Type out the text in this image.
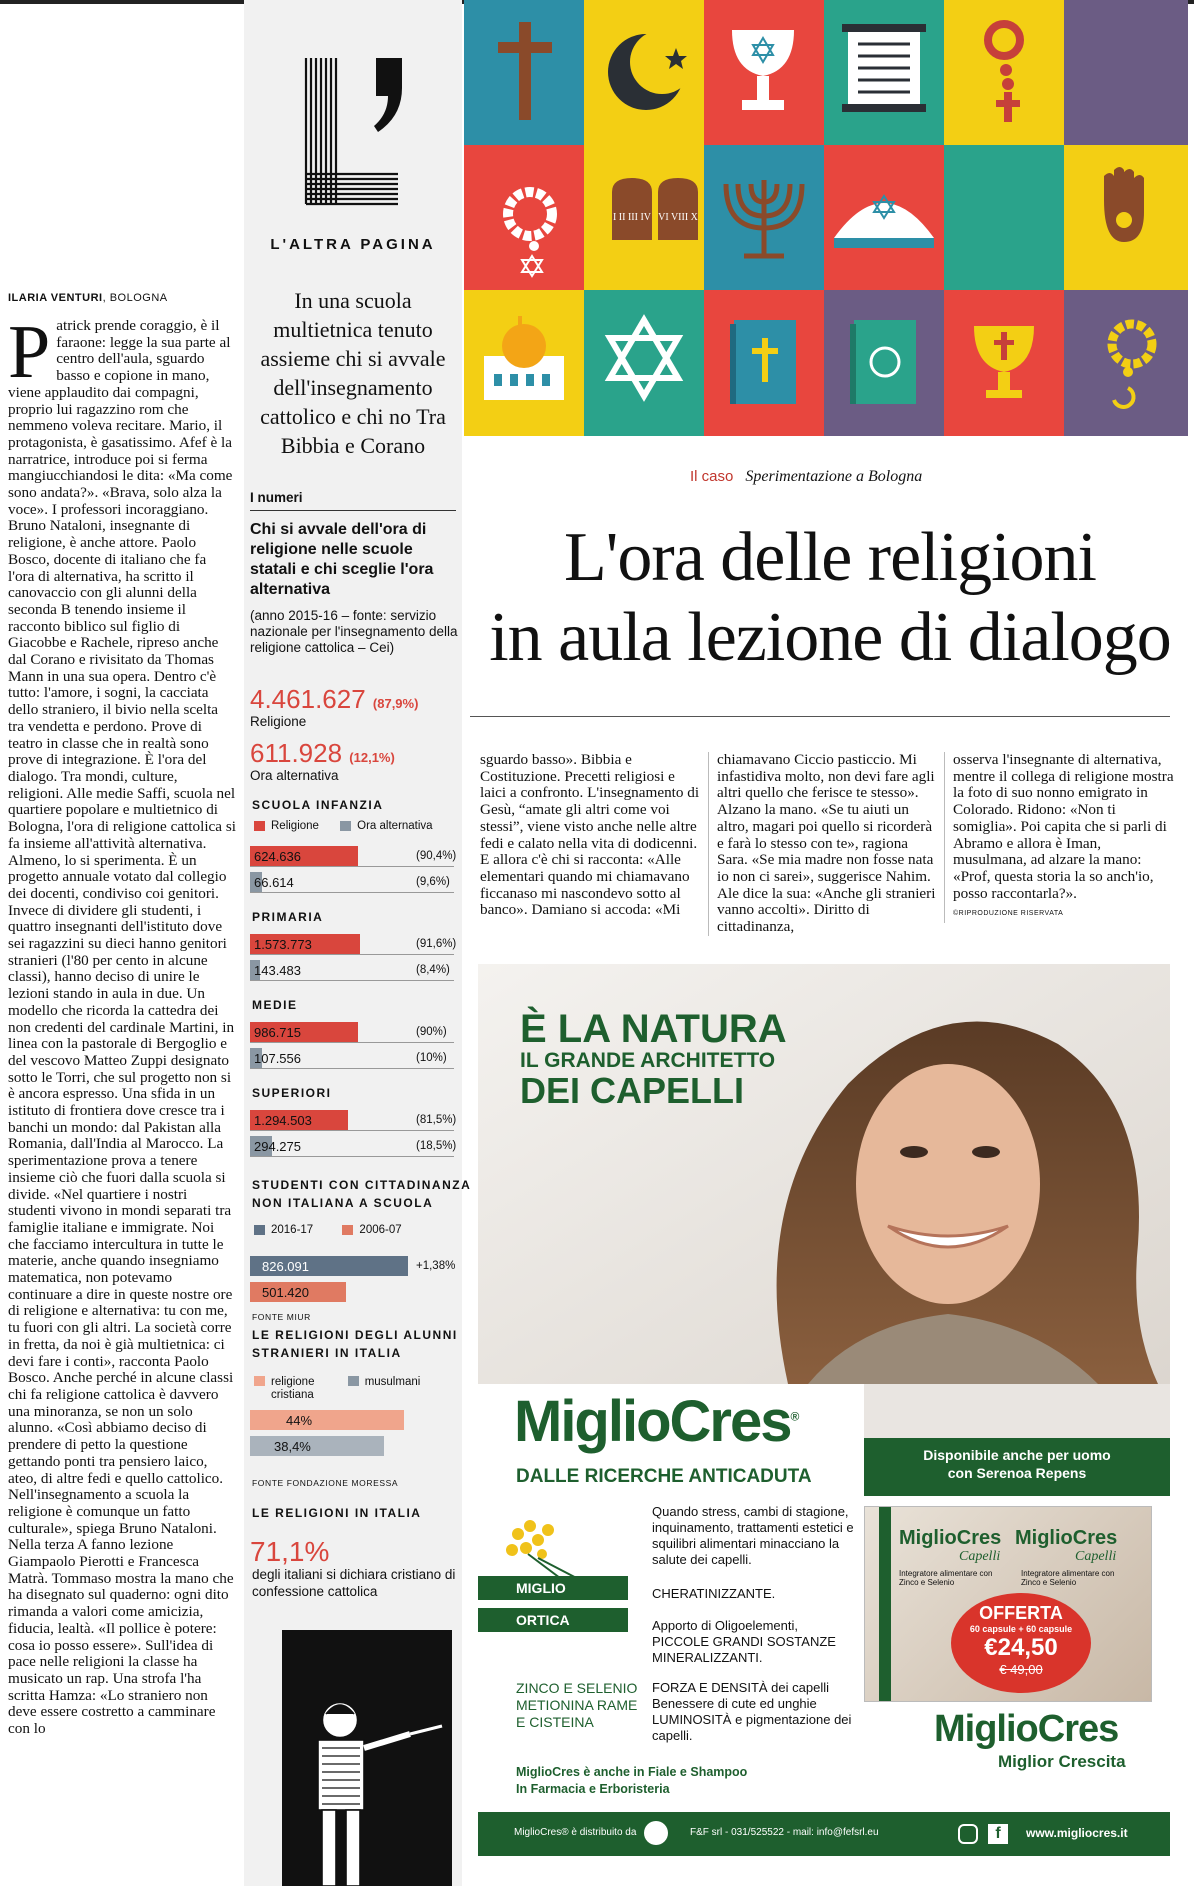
ILARIA VENTURI, BOLOGNA
P atrick prende coraggio, è il faraone: legge la sua parte al centro dell'aula, sguardo basso e copione in mano, viene applaudito dai compagni, proprio lui ragazzino rom che nemmeno voleva recitare. Mario, il protagonista, è gasatissimo. Afef è la narratrice, introduce poi si ferma mangiucchiandosi le dita: «Ma come sono andata?». «Brava, solo alza la voce». I professori incoraggiano. Bruno Nataloni, insegnante di religione, è anche attore. Paolo Bosco, docente di italiano che fa l'ora di alternativa, ha scritto il canovaccio con gli alunni della seconda B tenendo insieme il racconto biblico sul figlio di Giacobbe e Rachele, ripreso anche dal Corano e rivisitato da Thomas Mann in una sua opera. Dentro c'è tutto: l'amore, i sogni, la cacciata dello straniero, il bivio nella scelta tra vendetta e perdono. Prove di teatro in classe che in realtà sono prove di integrazione. È l'ora del dialogo. Tra mondi, culture, religioni. Alle medie Saffi, scuola nel quartiere popolare e multietnico di Bologna, l'ora di religione cattolica si fa insieme all'attività alternativa. Almeno, lo si sperimenta. È un progetto annuale votato dal collegio dei docenti, condiviso coi genitori. Invece di dividere gli studenti, i quattro insegnanti dell'istituto dove sei ragazzini su dieci hanno genitori stranieri (l'80 per cento in alcune classi), hanno deciso di unire le lezioni stando in aula in due. Un modello che ricorda la cattedra dei non credenti del cardinale Martini, in linea con la pastorale di Bergoglio e del vescovo Matteo Zuppi designato sotto le Torri, che sul progetto non si è ancora espresso. Una sfida in un istituto di frontiera dove cresce tra i banchi un mondo: dal Pakistan alla Romania, dall'India al Marocco. La sperimentazione prova a tenere insieme ciò che fuori dalla scuola si divide. «Nel quartiere i nostri studenti vivono in mondi separati tra famiglie italiane e immigrate. Noi che facciamo intercultura in tutte le materie, anche quando insegniamo matematica, non potevamo continuare a dire in queste nostre ore di religione e alternativa: tu con me, tu fuori con gli altri. La società corre in fretta, da noi è già multietnica: ci devi fare i conti», racconta Paolo Bosco. Anche perché in alcune classi chi fa religione cattolica è davvero una minoranza, se non un solo alunno. «Così abbiamo deciso di prendere di petto la questione gettando ponti tra pensiero laico, ateo, di altre fedi e quello cattolico. Nell'insegnamento a scuola la religione è comunque un fatto culturale», spiega Bruno Nataloni. Nella terza A fanno lezione Giampaolo Pierotti e Francesca Matrà. Tommaso mostra la mano che ha disegnato sul quaderno: ogni dito rimanda a valori come amicizia, fiducia, lealtà. «Il pollice è potere: cosa io posso essere». Sull'idea di pace nelle religioni la classe ha musicato un rap. Una strofa l'ha scritta Hamza: «Lo straniero non deve essere costretto a camminare con lo

L'ALTRA PAGINA
In una scuola multietnica tenuto assieme chi si avvale dell'insegnamento cattolico e chi no Tra Bibbia e Corano
I numeri
Chi si avvale dell'ora di religione nelle scuole statali e chi sceglie l'ora alternativa
(anno 2015-16 – fonte: servizio nazionale per l'insegnamento della religione cattolica – Cei)
4.461.627 (87,9%)
Religione
611.928 (12,1%)
Ora alternativa
SCUOLA INFANZIA
Religione	Ora alternativa
624.636	(90,4%)
66.614	(9,6%)
PRIMARIA
1.573.773	(91,6%)
143.483	(8,4%)
MEDIE
986.715	(90%)
107.556	(10%)
SUPERIORI
1.294.503	(81,5%)
294.275	(18,5%)
STUDENTI CON CITTADINANZA
NON ITALIANA A SCUOLA
2016-17	2006-07
826.091	+1,38%
501.420
FONTE MIUR
LE RELIGIONI DEGLI ALUNNI
STRANIERI IN ITALIA
religione
cristiana musulmani
44%
38,4%
FONTE FONDAZIONE MORESSA
LE RELIGIONI IN ITALIA
71,1%
degli italiani si dichiara cristiano di confessione cattolica
I II III IV VI VIII X
Il caso Sperimentazione a Bologna
L'ora delle religioni
in aula lezione di dialogo
sguardo basso». Bibbia e Costituzione. Precetti religiosi e laici a confronto. L'insegnamento di Gesù, “amate gli altri come voi stessi”, viene visto anche nelle altre fedi e calato nella vita di dodicenni. E allora c'è chi si racconta: «Alle elementari quando mi chiamavano ficcanaso mi nascondevo sotto al banco». Damiano si accoda: «Mi
chiamavano Ciccio pasticcio. Mi infastidiva molto, non devi fare agli altri quello che ferisce te stesso». Alzano la mano. «Se tu aiuti un altro, magari poi quello si ricorderà e farà lo stesso con te», ragiona Sara. «Se mia madre non fosse nata io non ci sarei», suggerisce Nahim. Ale dice la sua: «Anche gli stranieri vanno accolti». Diritto di cittadinanza,
osserva l'insegnante di alternativa, mentre il collega di religione mostra la foto di suo nonno emigrato in Colorado. Ridono: «Non ti somiglia». Poi capita che si parli di Abramo e allora è Iman, musulmana, ad alzare la mano: «Prof, questa storia la so anch'io, posso raccontarla?».
©RIPRODUZIONE RISERVATA
È LA NATURA
IL GRANDE ARCHITETTO
DEI CAPELLI
Disponibile anche per uomo
con Serenoa Repens
MiglioCres®
DALLE RICERCHE ANTICADUTA
MIGLIO
ORTICA
Quando stress, cambi di stagione, inquinamento, trattamenti estetici e squilibri alimentari minacciano la salute dei capelli.
CHERATINIZZANTE.
Apporto di Oligoelementi, PICCOLE GRANDI SOSTANZE MINERALIZZANTI.
ZINCO E SELENIO METIONINA RAME E CISTEINA
FORZA E DENSITÀ dei capelli Benessere di cute ed unghie LUMINOSITÀ e pigmentazione dei capelli.
MiglioCres è anche in Fiale e Shampoo
In Farmacia e Erboristeria
MiglioCres
Capelli
MiglioCres
Capelli
Integratore alimentare con Zinco e Selenio
Integratore alimentare con Zinco e Selenio
OFFERTA
60 capsule + 60 capsule
€24,50
€ 49,00
MiglioCres
Miglior Crescita
MiglioCres® è distribuito da	F&F srl - 031/525522 - mail: info@fefsrl.eu	f	www.migliocres.it
